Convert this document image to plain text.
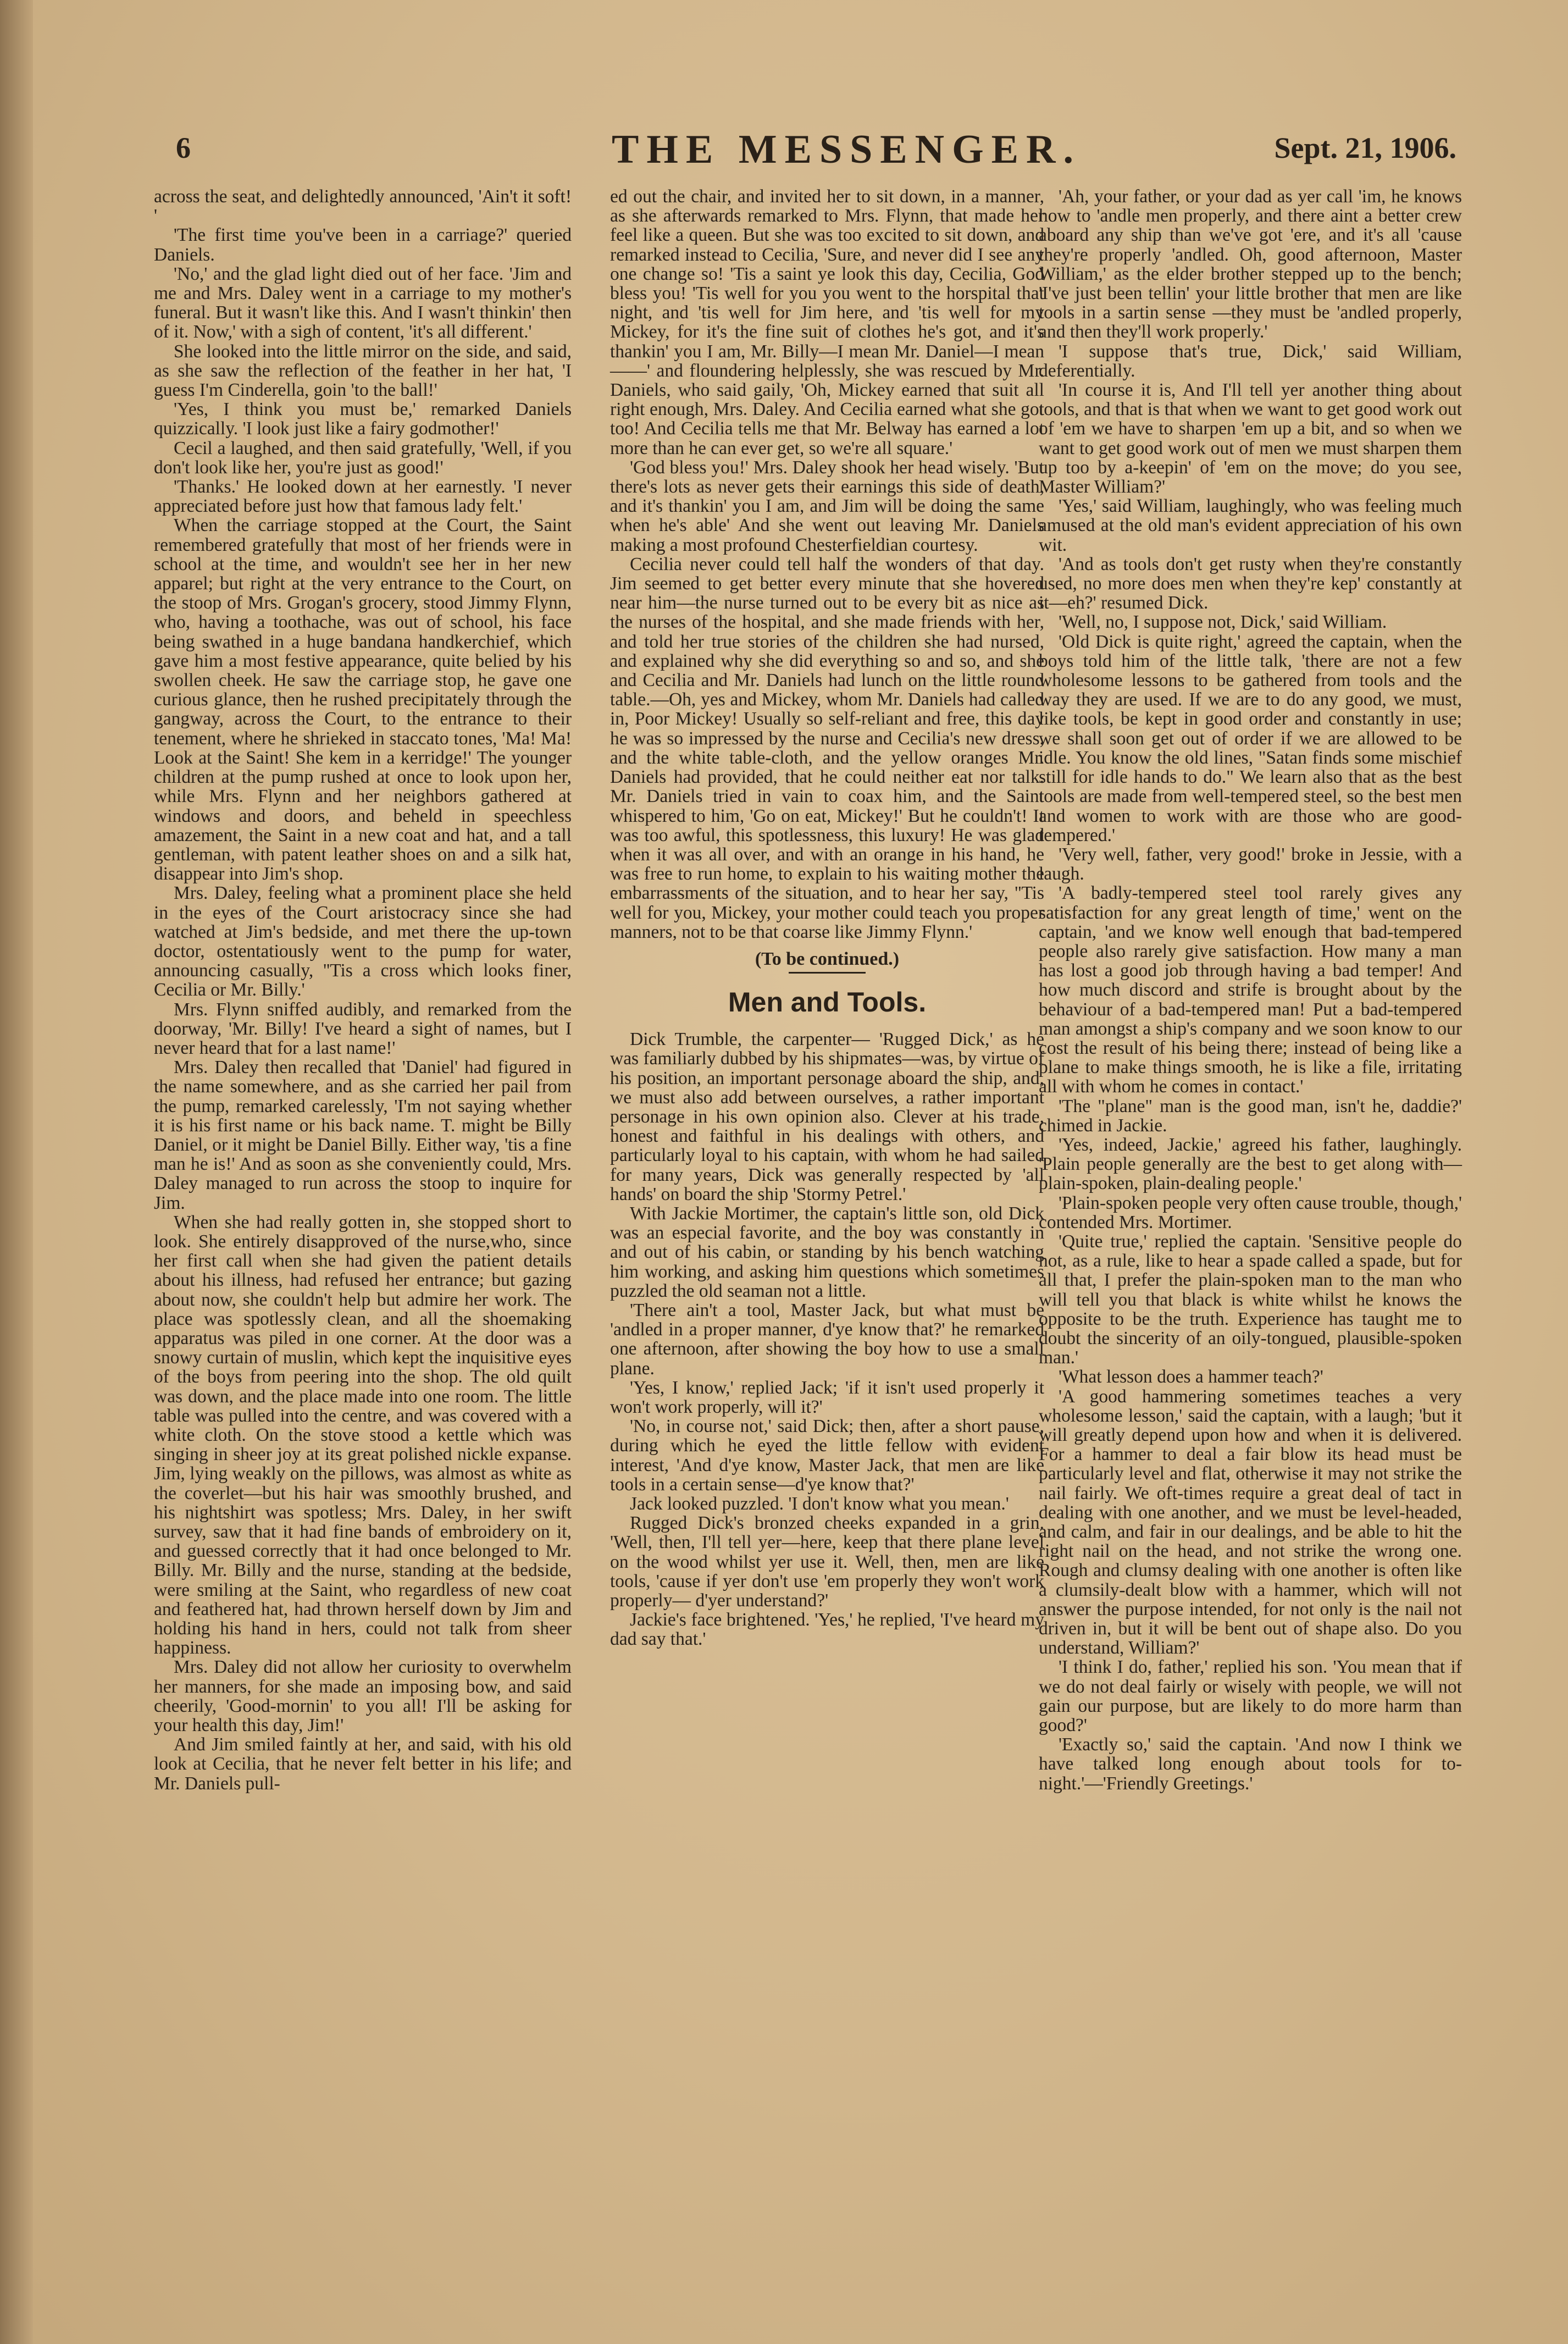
6	THE MESSENGER.	Sept. 21, 1906.

across the seat, and delightedly announced, 'Ain't it soft! '

'The first time you've been in a carriage?' queried Daniels.

'No,' and the glad light died out of her face. 'Jim and me and Mrs. Daley went in a carriage to my mother's funeral. But it wasn't like this. And I wasn't thinkin' then of it. Now,' with a sigh of content, 'it's all different.'

She looked into the little mirror on the side, and said, as she saw the reflection of the feather in her hat, 'I guess I'm Cinderella, goin 'to the ball!'

'Yes, I think you must be,' remarked Daniels quizzically. 'I look just like a fairy godmother!'

Cecil a laughed, and then said gratefully, 'Well, if you don't look like her, you're just as good!'

'Thanks.' He looked down at her earnestly. 'I never appreciated before just how that famous lady felt.'

When the carriage stopped at the Court, the Saint remembered gratefully that most of her friends were in school at the time, and wouldn't see her in her new apparel; but right at the very entrance to the Court, on the stoop of Mrs. Grogan's grocery, stood Jimmy Flynn, who, having a toothache, was out of school, his face being swathed in a huge bandana handkerchief, which gave him a most festive appearance, quite belied by his swollen cheek. He saw the carriage stop, he gave one curious glance, then he rushed precipitately through the gangway, across the Court, to the entrance to their tenement, where he shrieked in staccato tones, 'Ma! Ma! Look at the Saint! She kem in a kerridge!' The younger children at the pump rushed at once to look upon her, while Mrs. Flynn and her neighbors gathered at windows and doors, and beheld in speechless amazement, the Saint in a new coat and hat, and a tall gentleman, with patent leather shoes on and a silk hat, disappear into Jim's shop.

Mrs. Daley, feeling what a prominent place she held in the eyes of the Court aristocracy since she had watched at Jim's bedside, and met there the up-town doctor, ostentatiously went to the pump for water, announcing casually, ''Tis a cross which looks finer, Cecilia or Mr. Billy.'

Mrs. Flynn sniffed audibly, and remarked from the doorway, 'Mr. Billy! I've heard a sight of names, but I never heard that for a last name!'

Mrs. Daley then recalled that 'Daniel' had figured in the name somewhere, and as she carried her pail from the pump, remarked carelessly, 'I'm not saying whether it is his first name or his back name. T. might be Billy Daniel, or it might be Daniel Billy. Either way, 'tis a fine man he is!' And as soon as she conveniently could, Mrs. Daley managed to run across the stoop to inquire for Jim.

When she had really gotten in, she stopped short to look. She entirely disapproved of the nurse,who, since her first call when she had given the patient details about his illness, had refused her entrance; but gazing about now, she couldn't help but admire her work. The place was spotlessly clean, and all the shoemaking apparatus was piled in one corner. At the door was a snowy curtain of muslin, which kept the inquisitive eyes of the boys from peering into the shop. The old quilt was down, and the place made into one room. The little table was pulled into the centre, and was covered with a white cloth. On the stove stood a kettle which was singing in sheer joy at its great polished nickle expanse. Jim, lying weakly on the pillows, was almost as white as the coverlet—but his hair was smoothly brushed, and his nightshirt was spotless; Mrs. Daley, in her swift survey, saw that it had fine bands of embroidery on it, and guessed correctly that it had once belonged to Mr. Billy. Mr. Billy and the nurse, standing at the bedside, were smiling at the Saint, who regardless of new coat and feathered hat, had thrown herself down by Jim and holding his hand in hers, could not talk from sheer happiness.

Mrs. Daley did not allow her curiosity to overwhelm her manners, for she made an imposing bow, and said cheerily, 'Good-mornin' to you all! I'll be asking for your health this day, Jim!'

And Jim smiled faintly at her, and said, with his old look at Cecilia, that he never felt better in his life; and Mr. Daniels pull-

ed out the chair, and invited her to sit down, in a manner, as she afterwards remarked to Mrs. Flynn, that made her feel like a queen. But she was too excited to sit down, and remarked instead to Cecilia, 'Sure, and never did I see any one change so! 'Tis a saint ye look this day, Cecilia, God bless you! 'Tis well for you you went to the horspital that night, and 'tis well for Jim here, and 'tis well for my Mickey, for it's the fine suit of clothes he's got, and it's thankin' you I am, Mr. Billy—I mean Mr. Daniel—I mean——' and floundering helplessly, she was rescued by Mr. Daniels, who said gaily, 'Oh, Mickey earned that suit all right enough, Mrs. Daley. And Cecilia earned what she got too! And Cecilia tells me that Mr. Belway has earned a lot more than he can ever get, so we're all square.'

'God bless you!' Mrs. Daley shook her head wisely. 'But there's lots as never gets their earnings this side of death, and it's thankin' you I am, and Jim will be doing the same when he's able' And she went out leaving Mr. Daniels making a most profound Chesterfieldian courtesy.

Cecilia never could tell half the wonders of that day. Jim seemed to get better every minute that she hovered near him—the nurse turned out to be every bit as nice as the nurses of the hospital, and she made friends with her, and told her true stories of the children she had nursed, and explained why she did everything so and so, and she and Cecilia and Mr. Daniels had lunch on the little round table.—Oh, yes and Mickey, whom Mr. Daniels had called in, Poor Mickey! Usually so self-reliant and free, this day he was so impressed by the nurse and Cecilia's new dress, and the white table-cloth, and the yellow oranges Mr. Daniels had provided, that he could neither eat nor talk. Mr. Daniels tried in vain to coax him, and the Saint whispered to him, 'Go on eat, Mickey!' But he couldn't! It was too awful, this spotlessness, this luxury! He was glad when it was all over, and with an orange in his hand, he was free to run home, to explain to his waiting mother the embarrassments of the situation, and to hear her say, ''Tis well for you, Mickey, your mother could teach you proper manners, not to be that coarse like Jimmy Flynn.'

(To be continued.)

Men and Tools.

Dick Trumble, the carpenter— 'Rugged Dick,' as he was familiarly dubbed by his shipmates—was, by virtue of his position, an important personage aboard the ship, and, we must also add between ourselves, a rather important personage in his own opinion also. Clever at his trade, honest and faithful in his dealings with others, and particularly loyal to his captain, with whom he had sailed for many years, Dick was generally respected by 'all hands' on board the ship 'Stormy Petrel.'

With Jackie Mortimer, the captain's little son, old Dick was an especial favorite, and the boy was constantly in and out of his cabin, or standing by his bench watching him working, and asking him questions which sometimes puzzled the old seaman not a little.

'There ain't a tool, Master Jack, but what must be 'andled in a proper manner, d'ye know that?' he remarked one afternoon, after showing the boy how to use a small plane.

'Yes, I know,' replied Jack; 'if it isn't used properly it won't work properly, will it?'

'No, in course not,' said Dick; then, after a short pause, during which he eyed the little fellow with evident interest, 'And d'ye know, Master Jack, that men are like tools in a certain sense—d'ye know that?'

Jack looked puzzled. 'I don't know what you mean.'

Rugged Dick's bronzed cheeks expanded in a grin. 'Well, then, I'll tell yer—here, keep that there plane level on the wood whilst yer use it. Well, then, men are like tools, 'cause if yer don't use 'em properly they won't work properly— d'yer understand?'

Jackie's face brightened. 'Yes,' he replied, 'I've heard my dad say that.'

'Ah, your father, or your dad as yer call 'im, he knows how to 'andle men properly, and there aint a better crew aboard any ship than we've got 'ere, and it's all 'cause they're properly 'andled. Oh, good afternoon, Master William,' as the elder brother stepped up to the bench; 'I've just been tellin' your little brother that men are like tools in a sartin sense —they must be 'andled properly, and then they'll work properly.'

'I suppose that's true, Dick,' said William, deferentially.

'In course it is, And I'll tell yer another thing about tools, and that is that when we want to get good work out of 'em we have to sharpen 'em up a bit, and so when we want to get good work out of men we must sharpen them up too by a-keepin' of 'em on the move; do you see, Master William?'

'Yes,' said William, laughingly, who was feeling much amused at the old man's evident appreciation of his own wit.

'And as tools don't get rusty when they're constantly used, no more does men when they're kep' constantly at it—eh?' resumed Dick.

'Well, no, I suppose not, Dick,' said William.

'Old Dick is quite right,' agreed the captain, when the boys told him of the little talk, 'there are not a few wholesome lessons to be gathered from tools and the way they are used. If we are to do any good, we must, like tools, be kept in good order and constantly in use; we shall soon get out of order if we are allowed to be idle. You know the old lines, "Satan finds some mischief still for idle hands to do." We learn also that as the best tools are made from well-tempered steel, so the best men and women to work with are those who are good-tempered.'

'Very well, father, very good!' broke in Jessie, with a laugh.

'A badly-tempered steel tool rarely gives any satisfaction for any great length of time,' went on the captain, 'and we know well enough that bad-tempered people also rarely give satisfaction. How many a man has lost a good job through having a bad temper! And how much discord and strife is brought about by the behaviour of a bad-tempered man! Put a bad-tempered man amongst a ship's company and we soon know to our cost the result of his being there; instead of being like a plane to make things smooth, he is like a file, irritating all with whom he comes in contact.'

'The "plane" man is the good man, isn't he, daddie?' chimed in Jackie.

'Yes, indeed, Jackie,' agreed his father, laughingly. 'Plain people generally are the best to get along with—plain-spoken, plain-dealing people.'

'Plain-spoken people very often cause trouble, though,' contended Mrs. Mortimer.

'Quite true,' replied the captain. 'Sensitive people do not, as a rule, like to hear a spade called a spade, but for all that, I prefer the plain-spoken man to the man who will tell you that black is white whilst he knows the opposite to be the truth. Experience has taught me to doubt the sincerity of an oily-tongued, plausible-spoken man.'

'What lesson does a hammer teach?'

'A good hammering sometimes teaches a very wholesome lesson,' said the captain, with a laugh; 'but it will greatly depend upon how and when it is delivered. For a hammer to deal a fair blow its head must be particularly level and flat, otherwise it may not strike the nail fairly. We oft-times require a great deal of tact in dealing with one another, and we must be level-headed, and calm, and fair in our dealings, and be able to hit the right nail on the head, and not strike the wrong one. Rough and clumsy dealing with one another is often like a clumsily-dealt blow with a hammer, which will not answer the purpose intended, for not only is the nail not driven in, but it will be bent out of shape also. Do you understand, William?'

'I think I do, father,' replied his son. 'You mean that if we do not deal fairly or wisely with people, we will not gain our purpose, but are likely to do more harm than good?'

'Exactly so,' said the captain. 'And now I think we have talked long enough about tools for to-night.'—'Friendly Greetings.'
